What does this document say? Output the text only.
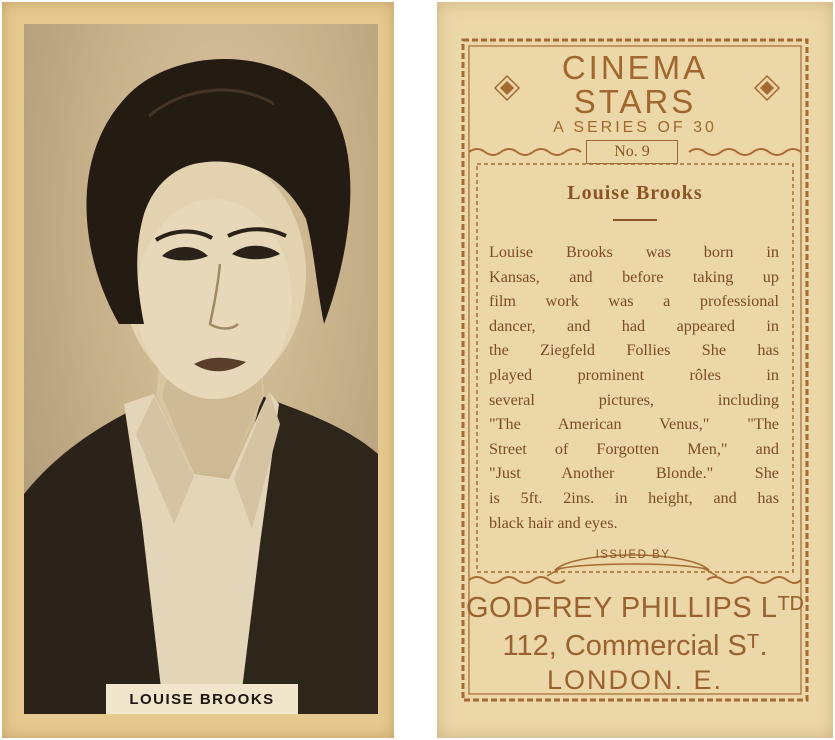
LOUISE BROOKS
CINEMA
STARS
A SERIES OF 30
No. 9
Louise Brooks
Louise Brooks was born in
Kansas, and before taking up
film work was a professional
dancer, and had appeared in
the Ziegfeld Follies She has
played prominent rôles in
several pictures, including
"The American Venus," "The
Street of Forgotten Men," and
"Just Another Blonde." She
is 5ft. 2ins. in height, and has
black hair and eyes.
ISSUED BY
GODFREY PHILLIPS Lᵀᴰ
112, Commercial Sᵀ.
LONDON. E.
